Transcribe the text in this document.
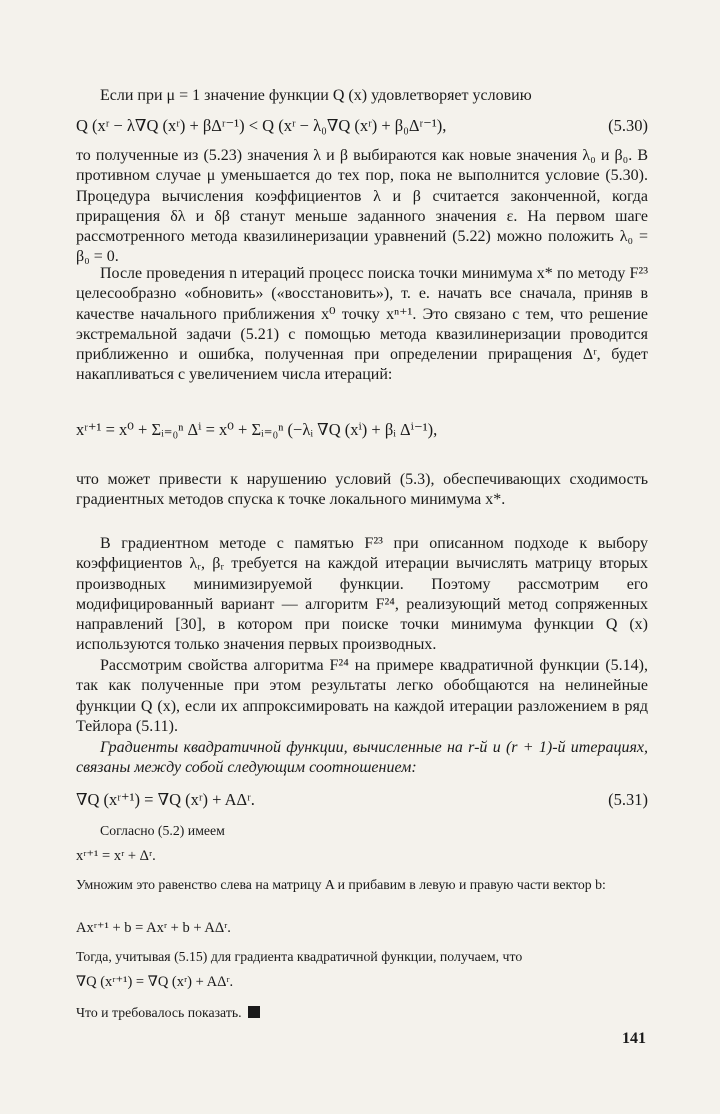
Если при μ = 1 значение функции Q (x) удовлетворяет условию

Q (xʳ − λ∇Q (xʳ) + βΔʳ⁻¹) < Q (xʳ − λ₀∇Q (xʳ) + β₀Δʳ⁻¹),	(5.30)

то полученные из (5.23) значения λ и β выбираются как новые значения λ₀ и β₀. В противном случае μ уменьшается до тех пор, пока не выполнится условие (5.30). Процедура вычисления коэффициентов λ и β считается законченной, когда приращения δλ и δβ станут меньше заданного значения ε. На первом шаге рассмотренного метода квазилинеризации уравнений (5.22) можно положить λ₀ = β₀ = 0.

После проведения n итераций процесс поиска точки минимума x* по методу F²³ целесообразно «обновить» («восстановить»), т. е. начать все сначала, приняв в качестве начального приближения x⁰ точку xⁿ⁺¹. Это связано с тем, что решение экстремальной задачи (5.21) с помощью метода квазилинеризации проводится приближенно и ошибка, полученная при определении приращения Δʳ, будет накапливаться с увеличением числа итераций:

xʳ⁺¹ = x⁰ + Σᵢ₌₀ⁿ Δⁱ = x⁰ + Σᵢ₌₀ⁿ (−λᵢ ∇Q (xⁱ) + βᵢ Δⁱ⁻¹),

что может привести к нарушению условий (5.3), обеспечивающих сходимость градиентных методов спуска к точке локального минимума x*.

В градиентном методе с памятью F²³ при описанном подходе к выбору коэффициентов λᵣ, βᵣ требуется на каждой итерации вычислять матрицу вторых производных минимизируемой функции. Поэтому рассмотрим его модифицированный вариант — алгоритм F²⁴, реализующий метод сопряженных направлений [30], в котором при поиске точки минимума функции Q (x) используются только значения первых производных.

Рассмотрим свойства алгоритма F²⁴ на примере квадратичной функции (5.14), так как полученные при этом результаты легко обобщаются на нелинейные функции Q (x), если их аппроксимировать на каждой итерации разложением в ряд Тейлора (5.11).

Градиенты квадратичной функции, вычисленные на r-й и (r + 1)-й итерациях, связаны между собой следующим соотношением:

∇Q (xʳ⁺¹) = ∇Q (xʳ) + AΔʳ.	(5.31)

Согласно (5.2) имеем

xʳ⁺¹ = xʳ + Δʳ.

Умножим это равенство слева на матрицу A и прибавим в левую и правую части вектор b:

Axʳ⁺¹ + b = Axʳ + b + AΔʳ.

Тогда, учитывая (5.15) для градиента квадратичной функции, получаем, что

∇Q (xʳ⁺¹) = ∇Q (xʳ) + AΔʳ.

Что и требовалось показать.

141
